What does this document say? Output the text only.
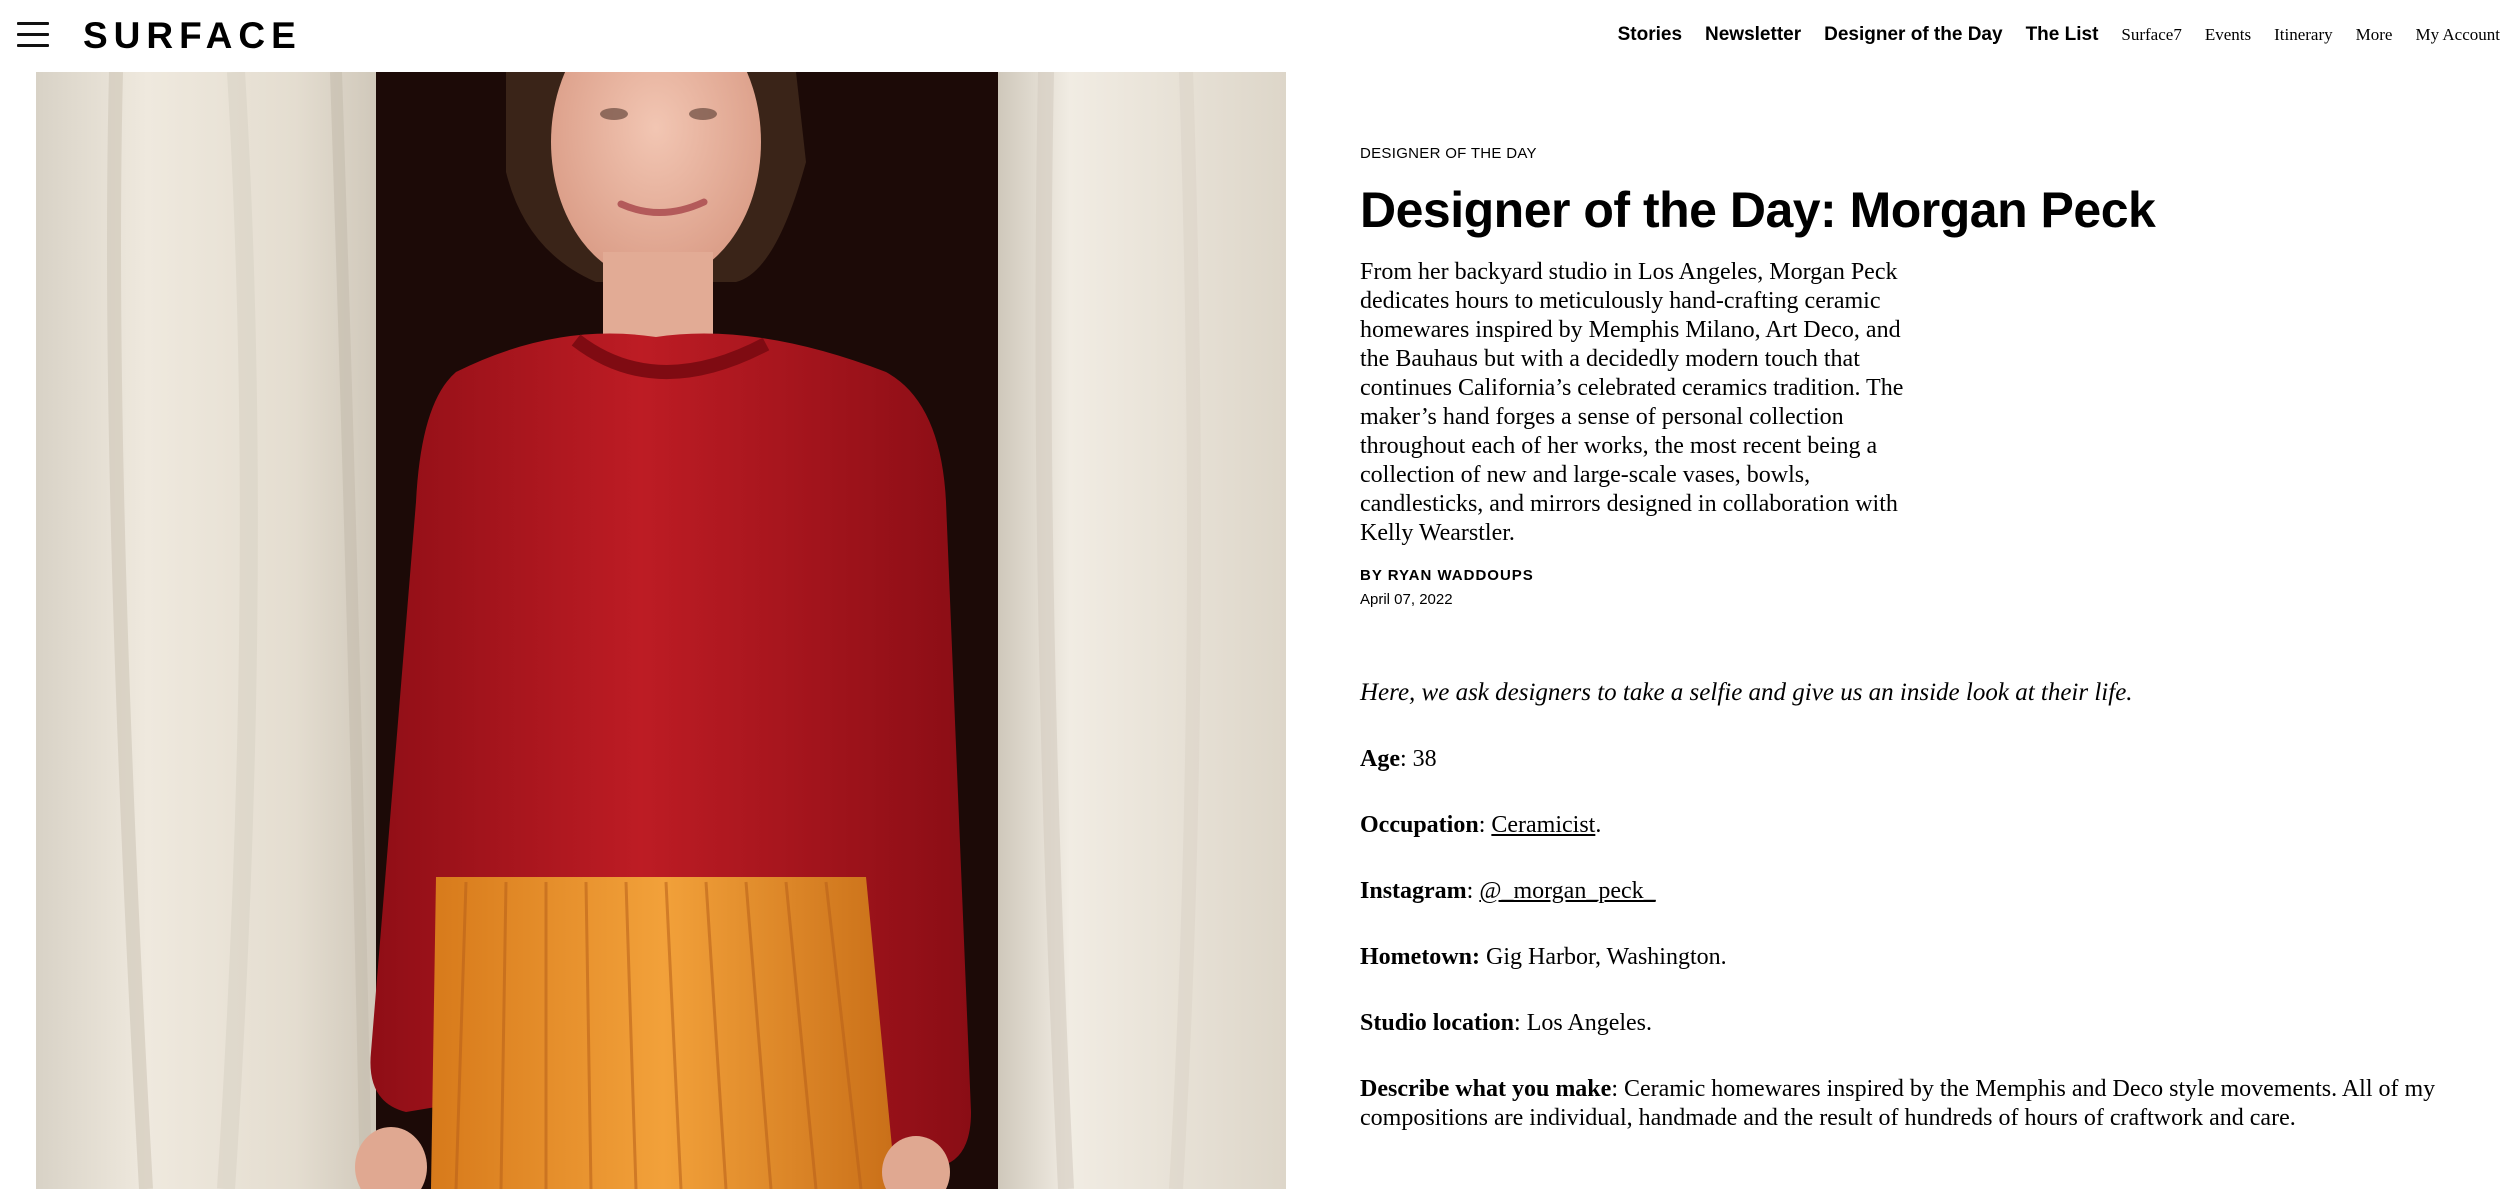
SURFACE	Stories Newsletter Designer of the Day The List Surface7 Events Itinerary More My Account
DESIGNER OF THE DAY
Designer of the Day: Morgan Peck

From her backyard studio in Los Angeles, Morgan Peck dedicates hours to meticulously hand-crafting ceramic homewares inspired by Memphis Milano, Art Deco, and the Bauhaus but with a decidedly modern touch that continues California’s celebrated ceramics tradition. The maker’s hand forges a sense of personal collection throughout each of her works, the most recent being a collection of new and large-scale vases, bowls, candlesticks, and mirrors designed in collaboration with Kelly Wearstler.

BY RYAN WADDOUPS
April 07, 2022

Here, we ask designers to take a selfie and give us an inside look at their life.

Age: 38

Occupation: Ceramicist.

Instagram: @_morgan_peck_

Hometown: Gig Harbor, Washington.

Studio location: Los Angeles.

Describe what you make: Ceramic homewares inspired by the Memphis and Deco style movements. All of my compositions are individual, handmade and the result of hundreds of hours of craftwork and care.
